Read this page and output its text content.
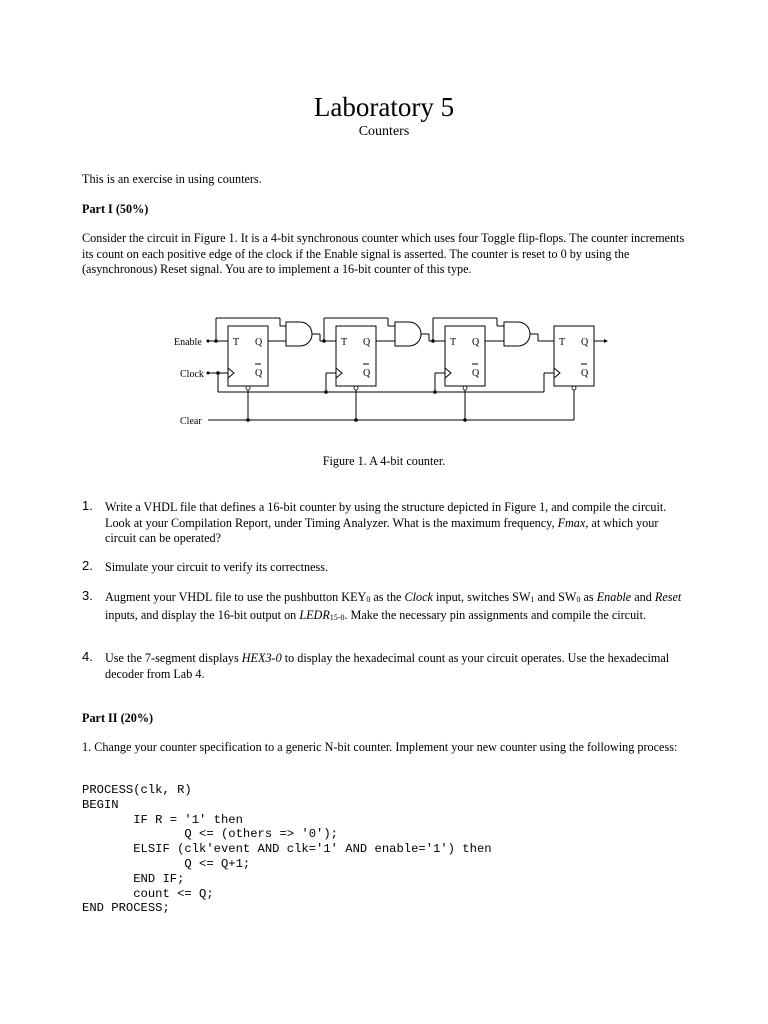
Laboratory 5
Counters
This is an exercise in using counters.
Part I (50%)
Consider the circuit in Figure 1. It is a 4-bit synchronous counter which uses four Toggle flip-flops. The counter increments its count on each positive edge of the clock if the Enable signal is asserted. The counter is reset to 0 by using the (asynchronous) Reset signal. You are to implement a 16-bit counter of this type.
Enable
Clock
Clear
T Q
Q
T Q
Q
T Q
Q
T Q
Q
Figure 1. A 4-bit counter.
1. Write a VHDL file that defines a 16-bit counter by using the structure depicted in Figure 1, and compile the circuit. Look at your Compilation Report, under Timing Analyzer. What is the maximum frequency, Fmax, at which your circuit can be operated?
2. Simulate your circuit to verify its correctness.
3. Augment your VHDL file to use the pushbutton $KEY_0$ as the Clock input, switches $SW_1$ and $SW_0$ as Enable and Reset inputs, and display the 16-bit output on $LEDR_{15-0}$. Make the necessary pin assignments and compile the circuit.
4. Use the 7-segment displays HEX3-0 to display the hexadecimal count as your circuit operates. Use the hexadecimal decoder from Lab 4.
Part II (20%)
1. Change your counter specification to a generic N-bit counter. Implement your new counter using the following process:
PROCESS(clk, R)
BEGIN
IF R = '1' then
Q <= (others => '0');
ELSIF (clk'event AND clk='1' AND enable='1') then
Q <= Q+1;
END IF;
count <= Q;
END PROCESS;
